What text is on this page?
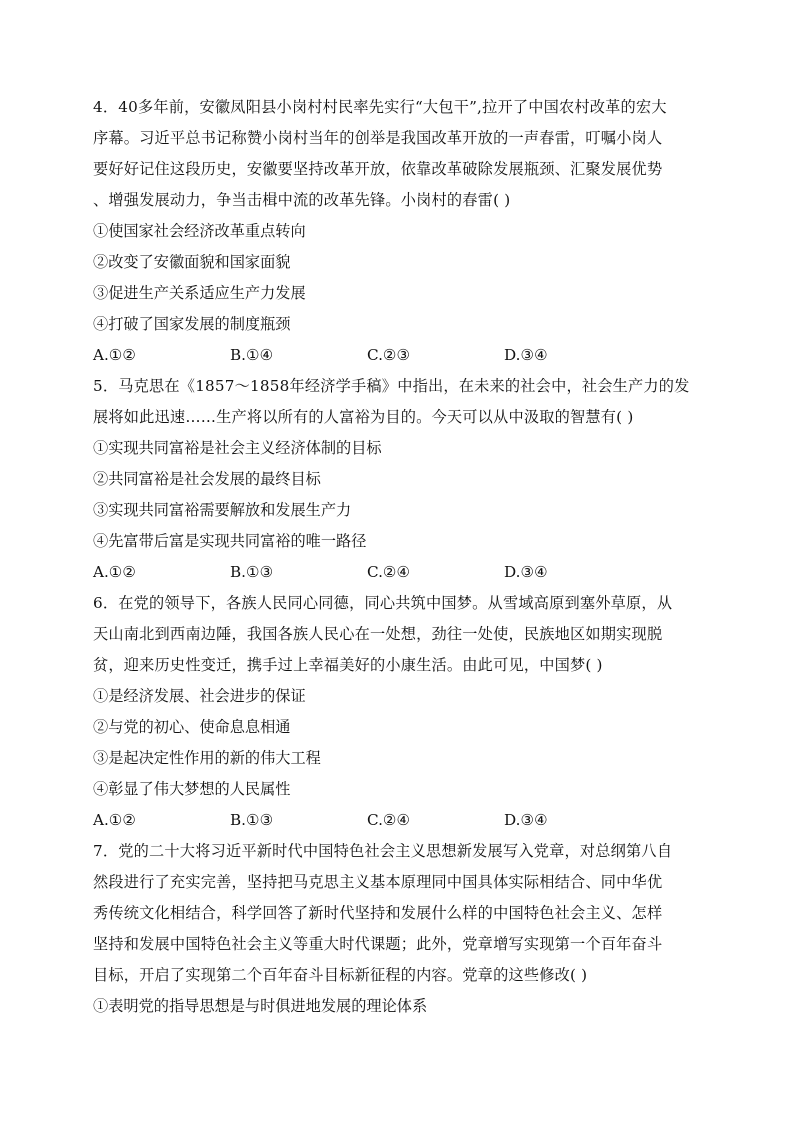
4．40多年前，安徽凤阳县小岗村村民率先实行“大包干”,拉开了中国农村改革的宏大
序幕。习近平总书记称赞小岗村当年的创举是我国改革开放的一声春雷，叮嘱小岗人
要好好记住这段历史，安徽要坚持改革开放，依靠改革破除发展瓶颈、汇聚发展优势
、增强发展动力，争当击楫中流的改革先锋。小岗村的春雷( )

①使国家社会经济改革重点转向
②改变了安徽面貌和国家面貌
③促进生产关系适应生产力发展
④打破了国家发展的制度瓶颈
A.①②	B.①④	C.②③	D.③④

5．马克思在《1857～1858年经济学手稿》中指出，在未来的社会中，社会生产力的发
展将如此迅速……生产将以所有的人富裕为目的。今天可以从中汲取的智慧有( )

①实现共同富裕是社会主义经济体制的目标
②共同富裕是社会发展的最终目标
③实现共同富裕需要解放和发展生产力
④先富带后富是实现共同富裕的唯一路径
A.①②	B.①③	C.②④	D.③④

6．在党的领导下，各族人民同心同德，同心共筑中国梦。从雪域高原到塞外草原，从
天山南北到西南边陲，我国各族人民心在一处想，劲往一处使，民族地区如期实现脱
贫，迎来历史性变迁，携手过上幸福美好的小康生活。由此可见，中国梦( )

①是经济发展、社会进步的保证
②与党的初心、使命息息相通
③是起决定性作用的新的伟大工程
④彰显了伟大梦想的人民属性
A.①②	B.①③	C.②④	D.③④

7．党的二十大将习近平新时代中国特色社会主义思想新发展写入党章，对总纲第八自
然段进行了充实完善，坚持把马克思主义基本原理同中国具体实际相结合、同中华优
秀传统文化相结合，科学回答了新时代坚持和发展什么样的中国特色社会主义、怎样
坚持和发展中国特色社会主义等重大时代课题；此外，党章增写实现第一个百年奋斗
目标，开启了实现第二个百年奋斗目标新征程的内容。党章的这些修改( )

①表明党的指导思想是与时俱进地发展的理论体系
